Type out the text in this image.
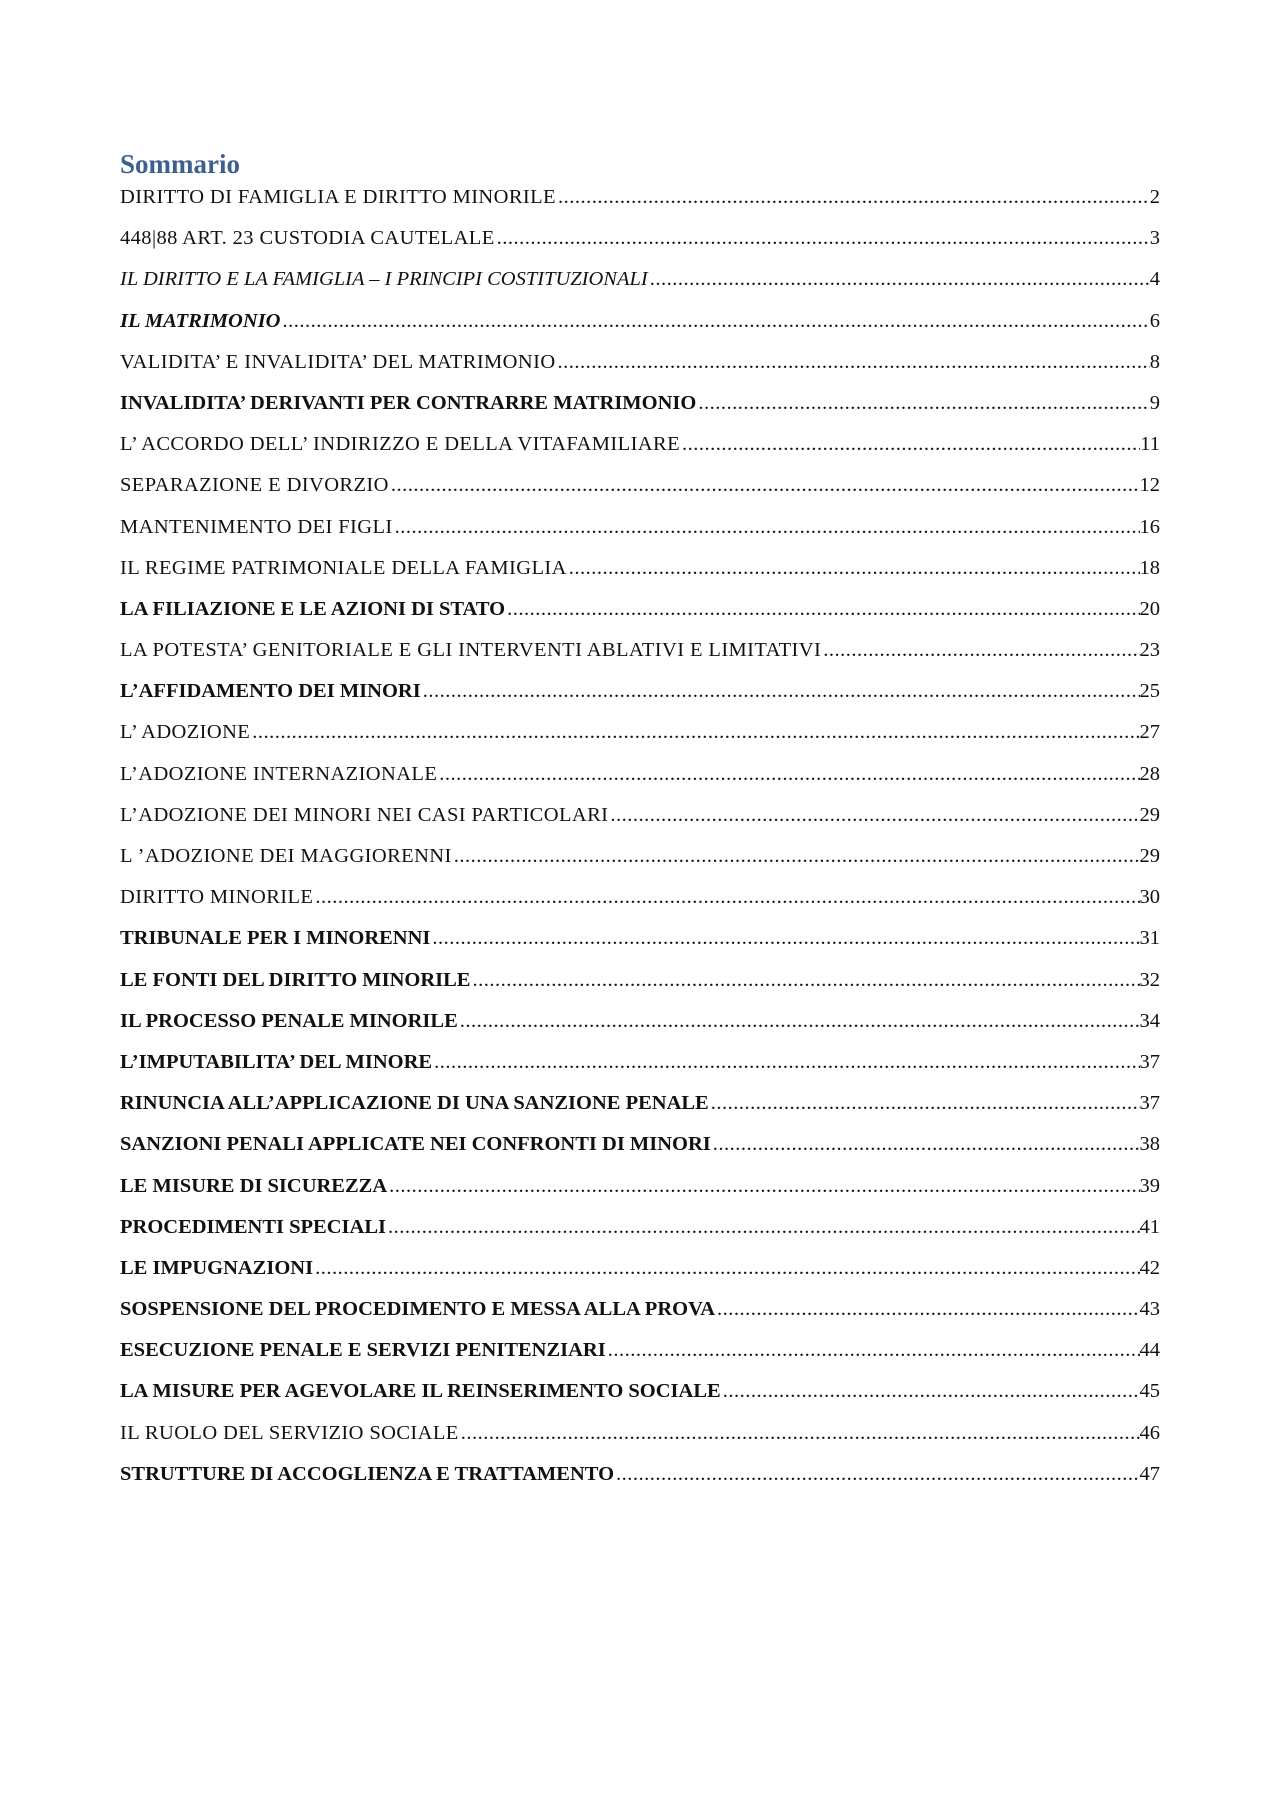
Sommario
DIRITTO DI FAMIGLIA E DIRITTO MINORILE .....	2
448|88 ART. 23 CUSTODIA CAUTELALE .....	3
IL DIRITTO E LA FAMIGLIA – I PRINCIPI COSTITUZIONALI .....	4
IL MATRIMONIO .....	6
VALIDITA’ E INVALIDITA’ DEL MATRIMONIO .....	8
INVALIDITA’ DERIVANTI PER CONTRARRE MATRIMONIO .....	9
L’ ACCORDO DELL’ INDIRIZZO E DELLA VITAFAMILIARE .....	11
SEPARAZIONE E DIVORZIO .....	12
MANTENIMENTO DEI FIGLI .....	16
IL REGIME PATRIMONIALE DELLA FAMIGLIA .....	18
LA FILIAZIONE E LE AZIONI DI STATO .....	20
LA POTESTA’ GENITORIALE E GLI INTERVENTI ABLATIVI E LIMITATIVI .....	23
L’AFFIDAMENTO DEI MINORI .....	25
L’ ADOZIONE .....	27
L’ADOZIONE INTERNAZIONALE .....	28
L’ADOZIONE DEI MINORI NEI CASI PARTICOLARI .....	29
L ’ADOZIONE DEI MAGGIORENNI .....	29
DIRITTO MINORILE .....	30
TRIBUNALE PER I MINORENNI .....	31
LE FONTI DEL DIRITTO MINORILE .....	32
IL PROCESSO PENALE MINORILE .....	34
L’IMPUTABILITA’ DEL MINORE .....	37
RINUNCIA ALL’APPLICAZIONE DI UNA SANZIONE PENALE .....	37
SANZIONI PENALI APPLICATE NEI CONFRONTI DI MINORI .....	38
LE MISURE DI SICUREZZA .....	39
PROCEDIMENTI SPECIALI .....	41
LE IMPUGNAZIONI .....	42
SOSPENSIONE DEL PROCEDIMENTO E MESSA ALLA PROVA .....	43
ESECUZIONE PENALE E SERVIZI PENITENZIARI .....	44
LA MISURE PER AGEVOLARE IL REINSERIMENTO SOCIALE .....	45
IL RUOLO DEL SERVIZIO SOCIALE .....	46
STRUTTURE DI ACCOGLIENZA E TRATTAMENTO .....	47
